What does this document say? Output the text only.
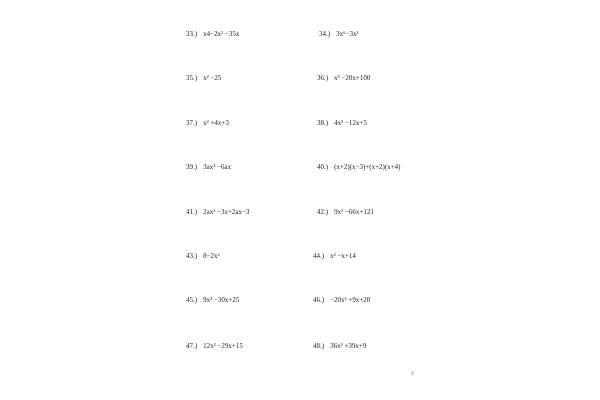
33.) x4−2x² −35x	34.) 3x⁶−3x²
35.) x² −25	36.) x² −20x+100
37.) x² +4x+3	38.) 4x² −12x+5
39.) 3ax² −6ax	40.) (x+2)(x−3)+(x+2)(x+4)
41.) 2ax² −3x+2ax−3	42.) 9x² −66x+121
43.) 8−2x²	44.) x² −x+14
45.) 9x² −30x+25	46.) −20x² +9x+20
47.) 12x² −29x+15	48.) 36x² +39x+9
3
